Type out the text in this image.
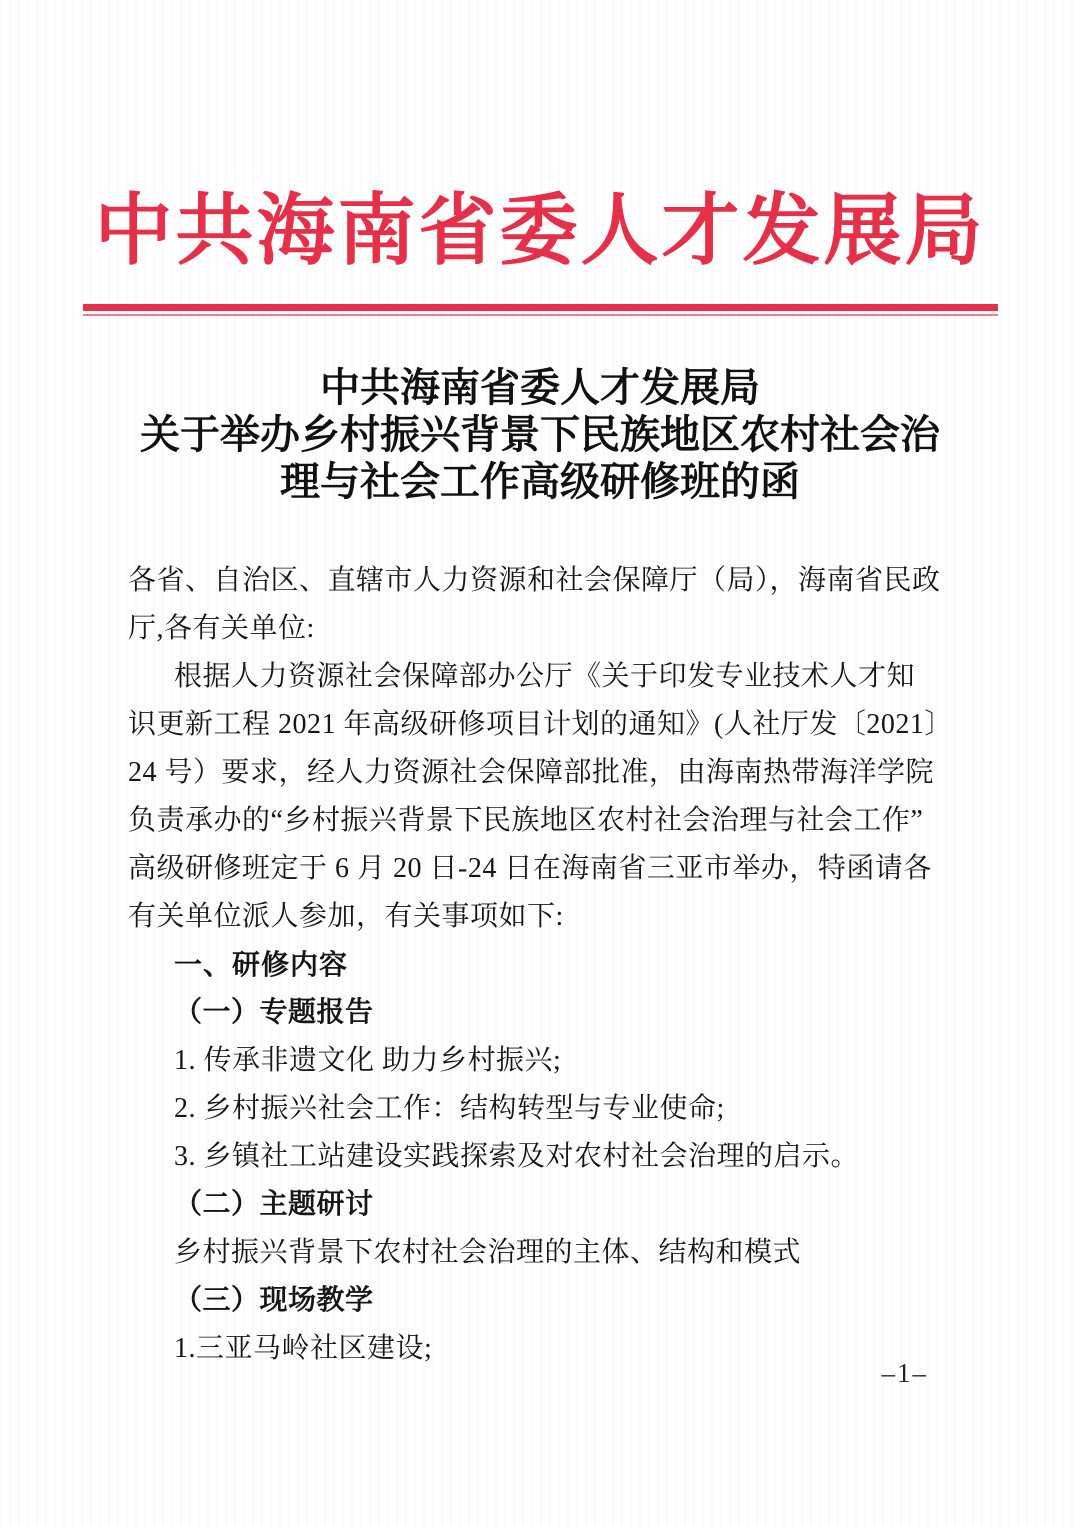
中共海南省委人才发展局
中共海南省委人才发展局
关于举办乡村振兴背景下民族地区农村社会治
理与社会工作高级研修班的函
各省、自治区、直辖市人力资源和社会保障厅（局），海南省民政
厅,各有关单位:
根据人力资源社会保障部办公厅《关于印发专业技术人才知
识更新工程 2021 年高级研修项目计划的通知》(人社厅发〔2021〕
24 号）要求，经人力资源社会保障部批准，由海南热带海洋学院
负责承办的“乡村振兴背景下民族地区农村社会治理与社会工作”
高级研修班定于 6 月 20 日-24 日在海南省三亚市举办，特函请各
有关单位派人参加，有关事项如下:
一、研修内容
（一）专题报告
1. 传承非遗文化 助力乡村振兴;
2. 乡村振兴社会工作：结构转型与专业使命;
3. 乡镇社工站建设实践探索及对农村社会治理的启示。
（二）主题研讨
乡村振兴背景下农村社会治理的主体、结构和模式
（三）现场教学
1.三亚马岭社区建设;
–1–
